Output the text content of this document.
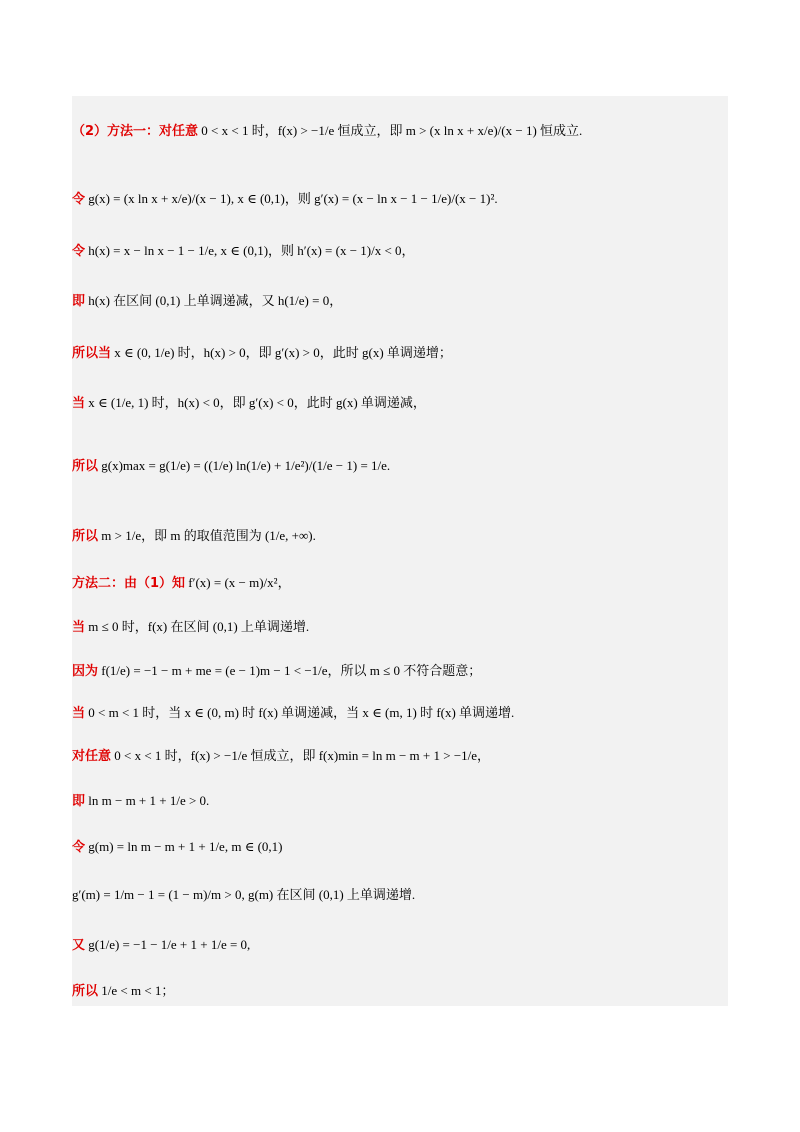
（2）方法一：对任意 0 < x < 1 时，f(x) > −1/e 恒成立，即 m > (x ln x + x/e)/(x − 1) 恒成立.
令 g(x) = (x ln x + x/e)/(x − 1), x ∈ (0,1)，则 g′(x) = (x − ln x − 1 − 1/e)/(x − 1)².
令 h(x) = x − ln x − 1 − 1/e, x ∈ (0,1)，则 h′(x) = (x − 1)/x < 0，
即 h(x) 在区间 (0,1) 上单调递减，又 h(1/e) = 0，
所以当 x ∈ (0, 1/e) 时，h(x) > 0，即 g′(x) > 0，此时 g(x) 单调递增；
当 x ∈ (1/e, 1) 时，h(x) < 0，即 g′(x) < 0，此时 g(x) 单调递减，
所以 g(x)max = g(1/e) = ((1/e) ln(1/e) + 1/e²)/(1/e − 1) = 1/e.
所以 m > 1/e，即 m 的取值范围为 (1/e, +∞).
方法二：由（1）知 f′(x) = (x − m)/x²，
当 m ≤ 0 时，f(x) 在区间 (0,1) 上单调递增.
因为 f(1/e) = −1 − m + me = (e − 1)m − 1 < −1/e，所以 m ≤ 0 不符合题意；
当 0 < m < 1 时，当 x ∈ (0, m) 时 f(x) 单调递减，当 x ∈ (m, 1) 时 f(x) 单调递增.
对任意 0 < x < 1 时，f(x) > −1/e 恒成立，即 f(x)min = ln m − m + 1 > −1/e，
即 ln m − m + 1 + 1/e > 0.
令 g(m) = ln m − m + 1 + 1/e, m ∈ (0,1)
g′(m) = 1/m − 1 = (1 − m)/m > 0, g(m) 在区间 (0,1) 上单调递增.
又 g(1/e) = −1 − 1/e + 1 + 1/e = 0,
所以 1/e < m < 1；
